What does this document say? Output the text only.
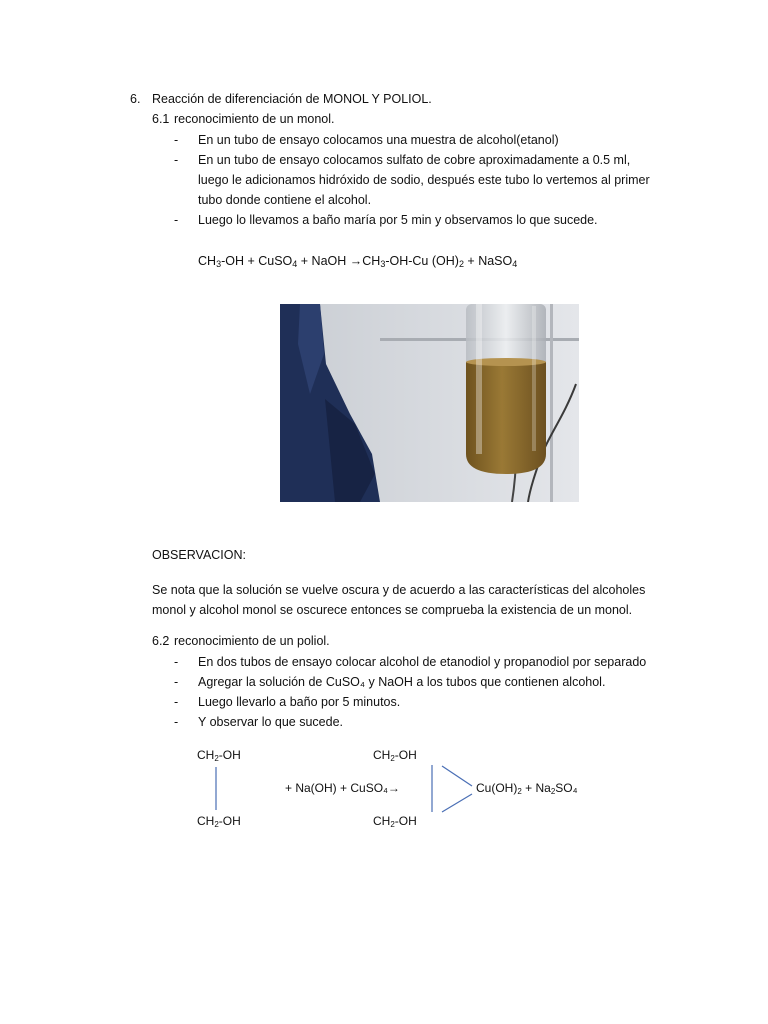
6. Reacción de diferenciación de MONOL Y POLIOL.
6.1 reconocimiento de un monol.
- En un tubo de ensayo colocamos una muestra de alcohol(etanol)
- En un tubo de ensayo colocamos sulfato de cobre aproximadamente a 0.5 ml,
luego le adicionamos hidróxido de sodio, después este tubo lo vertemos al primer
tubo donde contiene el alcohol.
- Luego lo llevamos a baño maría por 5 min y observamos lo que sucede.
$CH_3-OH$ + CuSO$_4$ + NaOH $\to CH_3-OH-Cu$ $(OH)_2$ + NaSO$_4$
OBSERVACION:
Se nota que la solución se vuelve oscura y de acuerdo a las características del alcoholes monol y alcohol monol se oscurece entonces se comprueba la existencia de un monol.
6.2 reconocimiento de un poliol.
- En dos tubos de ensayo colocar alcohol de etanodiol y propanodiol por separado
- Agregar la solución de CuSO₄ y NaOH a los tubos que contienen alcohol.
- Luego llevarlo a baño por 5 minutos.
- Y observar lo que sucede.
$CH_2-OH$
$CH_2-OH$
$CH_2-OH$
$CH_2-OH$
+ Na(OH) + CuSO₄→	$Cu(OH)_2 + Na_2SO_4$
